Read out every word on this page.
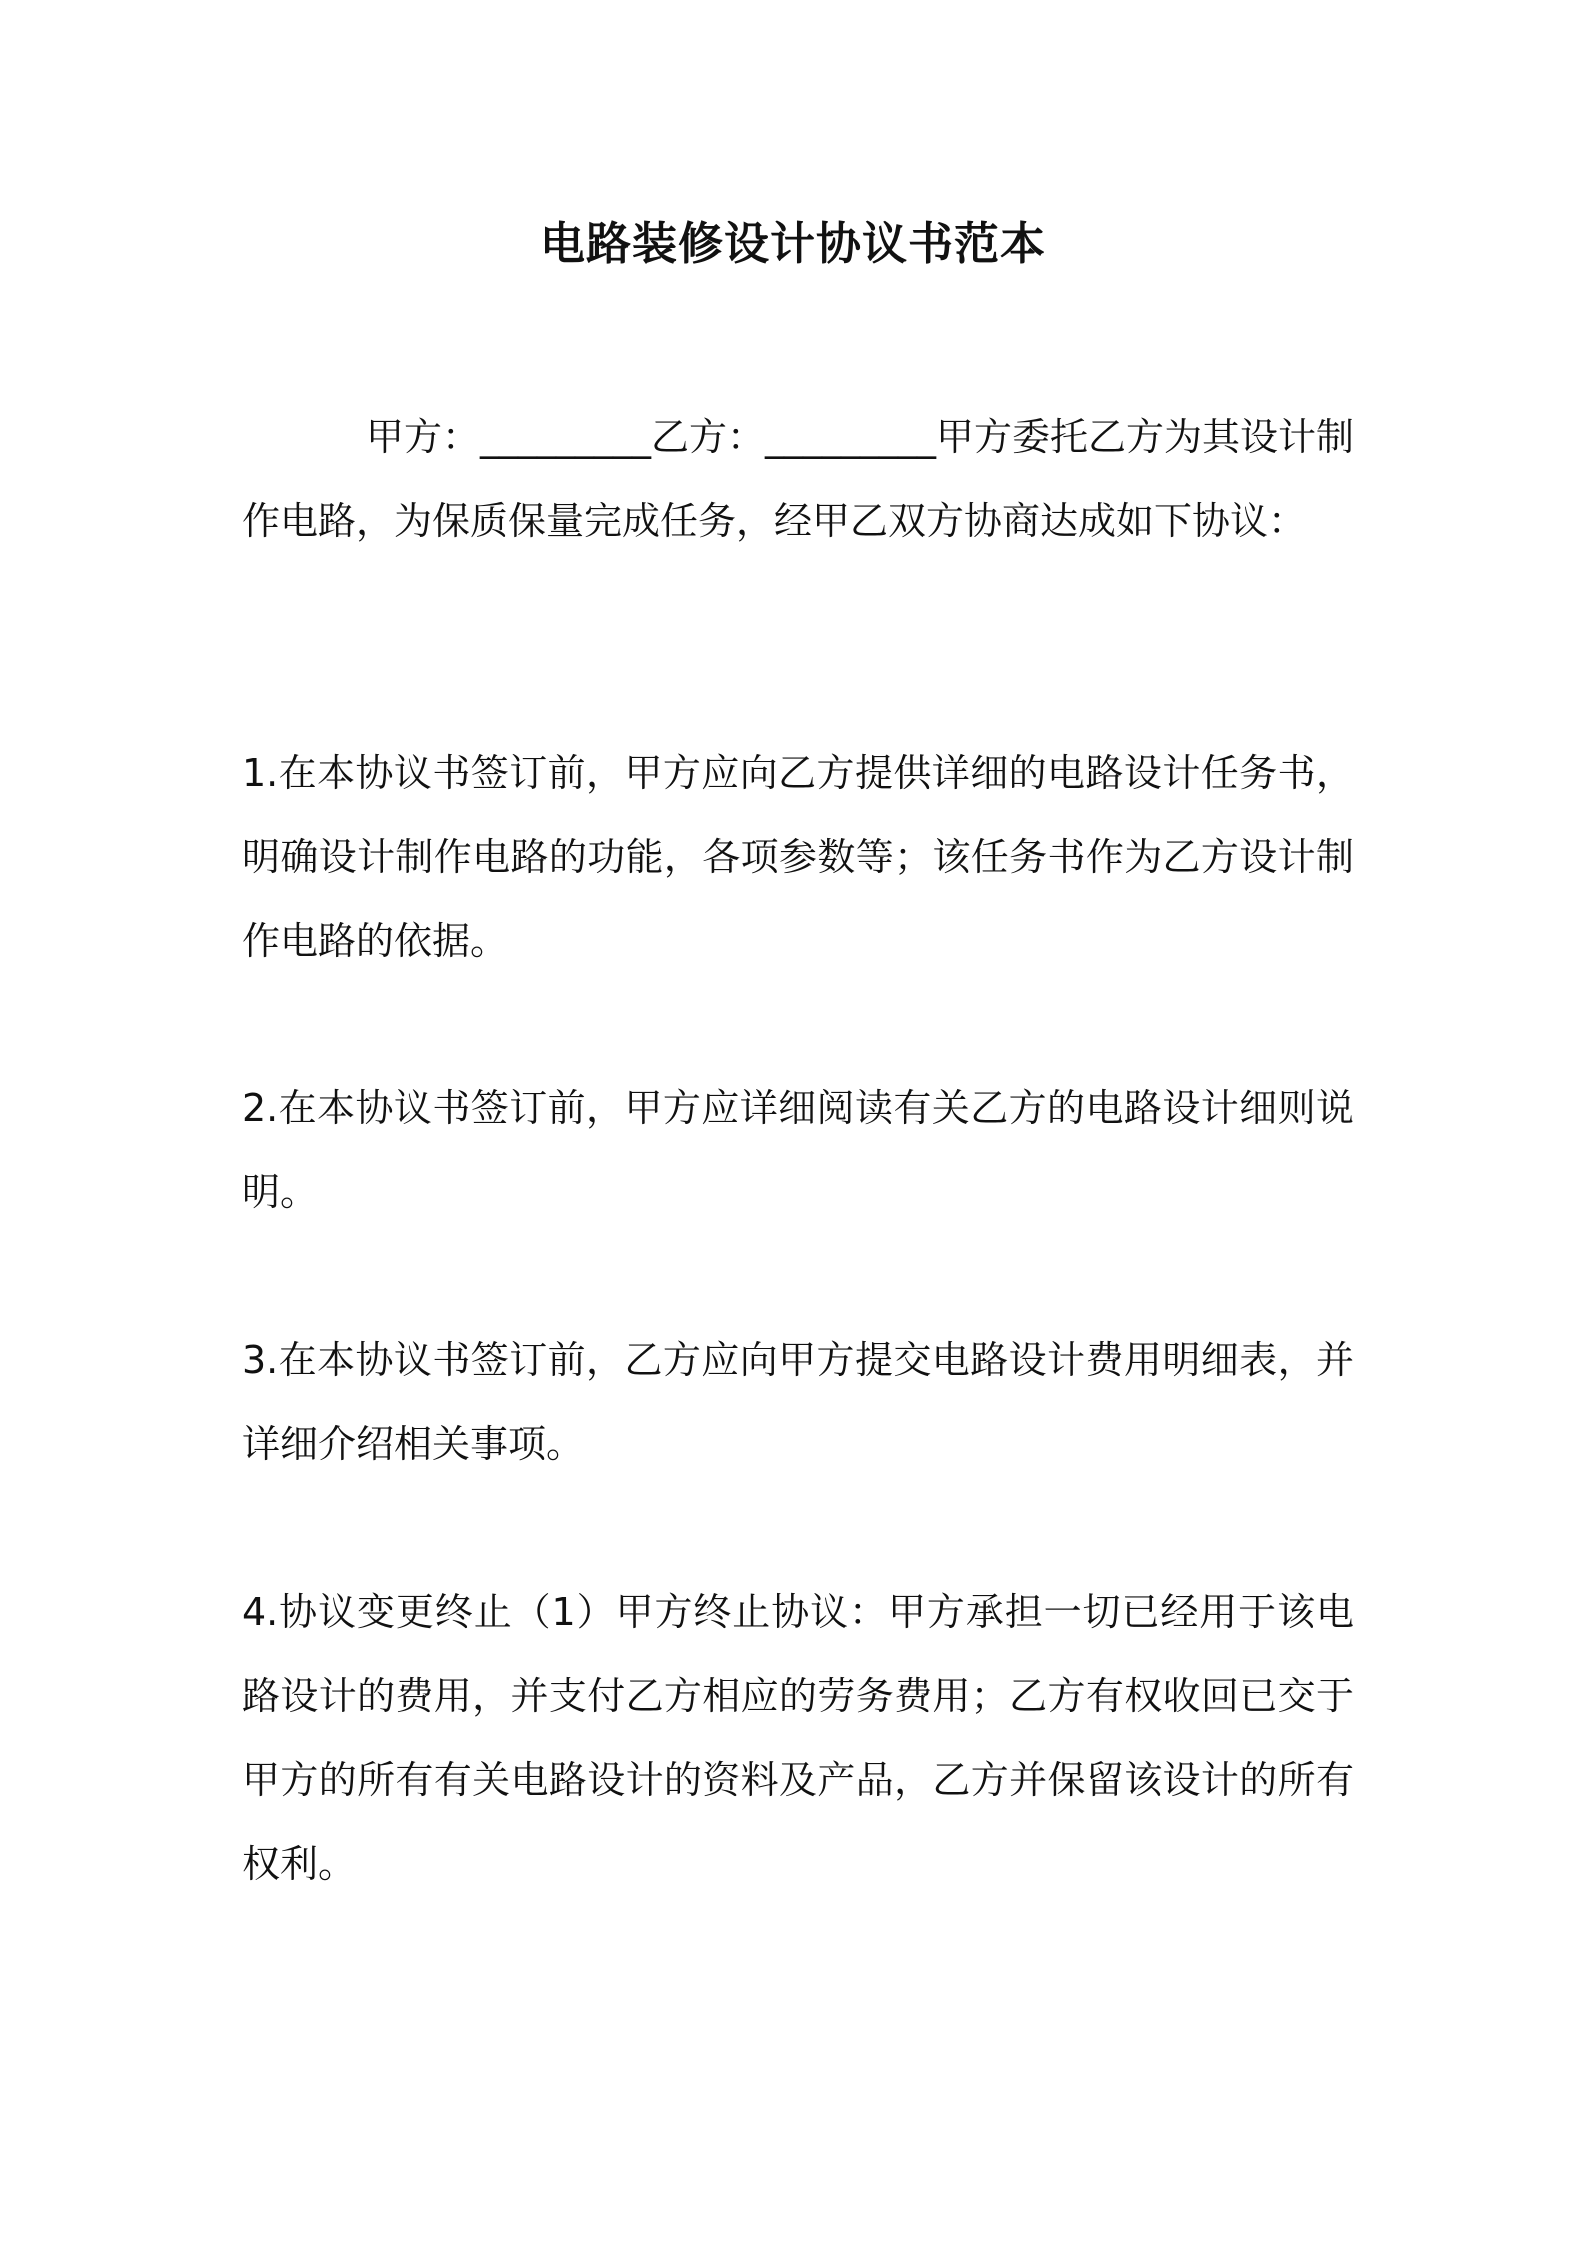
电路装修设计协议书范本

甲方：_________乙方：_________甲方委托乙方为其设计制作电路，为保质保量完成任务，经甲乙双方协商达成如下协议：

1.在本协议书签订前，甲方应向乙方提供详细的电路设计任务书，明确设计制作电路的功能，各项参数等；该任务书作为乙方设计制作电路的依据。

2.在本协议书签订前，甲方应详细阅读有关乙方的电路设计细则说明。

3.在本协议书签订前，乙方应向甲方提交电路设计费用明细表，并详细介绍相关事项。

4.协议变更终止（1）甲方终止协议：甲方承担一切已经用于该电路设计的费用，并支付乙方相应的劳务费用；乙方有权收回已交于甲方的所有有关电路设计的资料及产品，乙方并保留该设计的所有权利。
